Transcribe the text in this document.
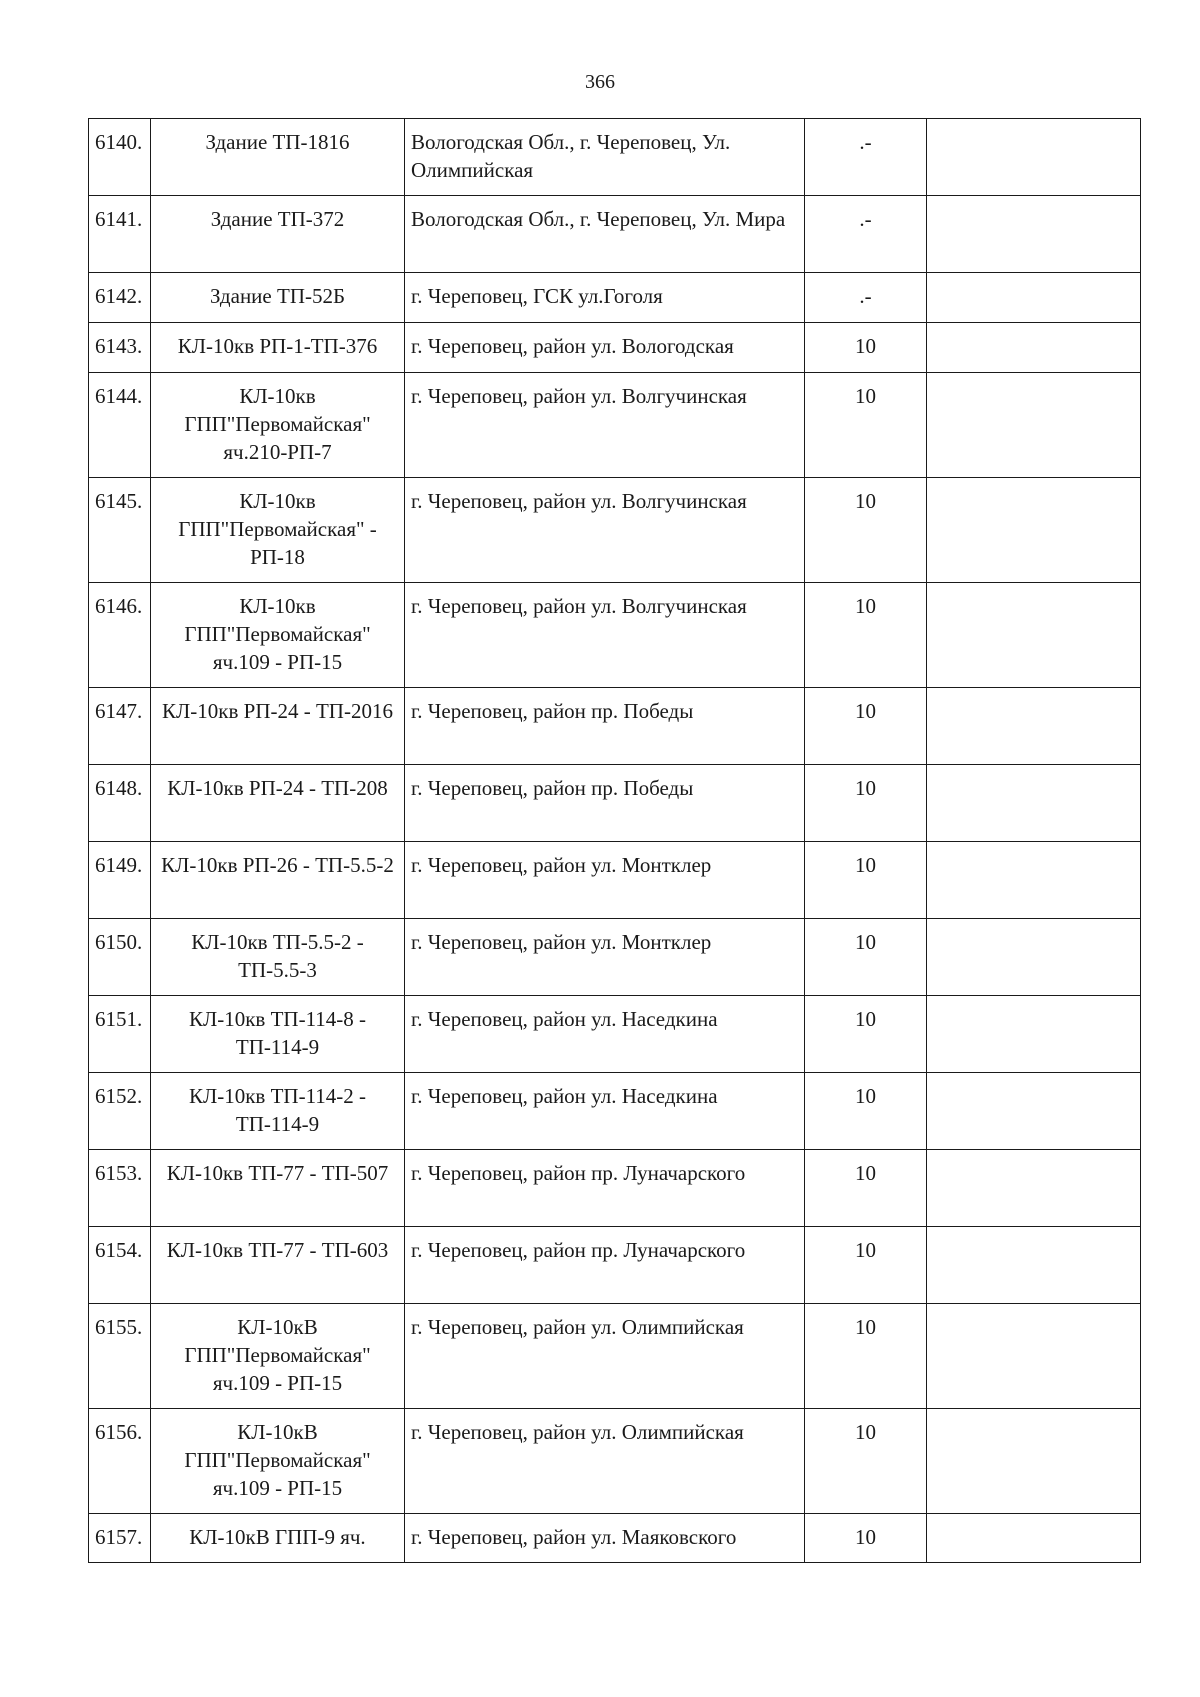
366
6140.	Здание ТП-1816	Вологодская Обл., г. Череповец, Ул. Олимпийская	.-	
6141.	Здание ТП-372	Вологодская Обл., г. Череповец, Ул. Мира	.-	
6142.	Здание ТП-52Б	г. Череповец, ГСК ул.Гоголя	.-	
6143.	КЛ-10кв РП-1-ТП-376	г. Череповец, район ул. Вологодская	10	
6144.	КЛ-10кв ГПП"Первомайская" яч.210-РП-7	г. Череповец, район ул. Волгучинская	10	
6145.	КЛ-10кв ГПП"Первомайская" - РП-18	г. Череповец, район ул. Волгучинская	10	
6146.	КЛ-10кв ГПП"Первомайская" яч.109 - РП-15	г. Череповец, район ул. Волгучинская	10	
6147.	КЛ-10кв РП-24 - ТП-2016	г. Череповец, район пр. Победы	10	
6148.	КЛ-10кв РП-24 - ТП-208	г. Череповец, район пр. Победы	10	
6149.	КЛ-10кв РП-26 - ТП-5.5-2	г. Череповец, район ул. Монтклер	10	
6150.	КЛ-10кв ТП-5.5-2 - ТП-5.5-3	г. Череповец, район ул. Монтклер	10	
6151.	КЛ-10кв ТП-114-8 - ТП-114-9	г. Череповец, район ул. Наседкина	10	
6152.	КЛ-10кв ТП-114-2 - ТП-114-9	г. Череповец, район ул. Наседкина	10	
6153.	КЛ-10кв ТП-77 - ТП-507	г. Череповец, район пр. Луначарского	10	
6154.	КЛ-10кв ТП-77 - ТП-603	г. Череповец, район пр. Луначарского	10	
6155.	КЛ-10кВ ГПП"Первомайская" яч.109 - РП-15	г. Череповец, район ул. Олимпийская	10	
6156.	КЛ-10кВ ГПП"Первомайская" яч.109 - РП-15	г. Череповец, район ул. Олимпийская	10	
6157.	КЛ-10кВ ГПП-9 яч.	г. Череповец, район ул. Маяковского	10	
